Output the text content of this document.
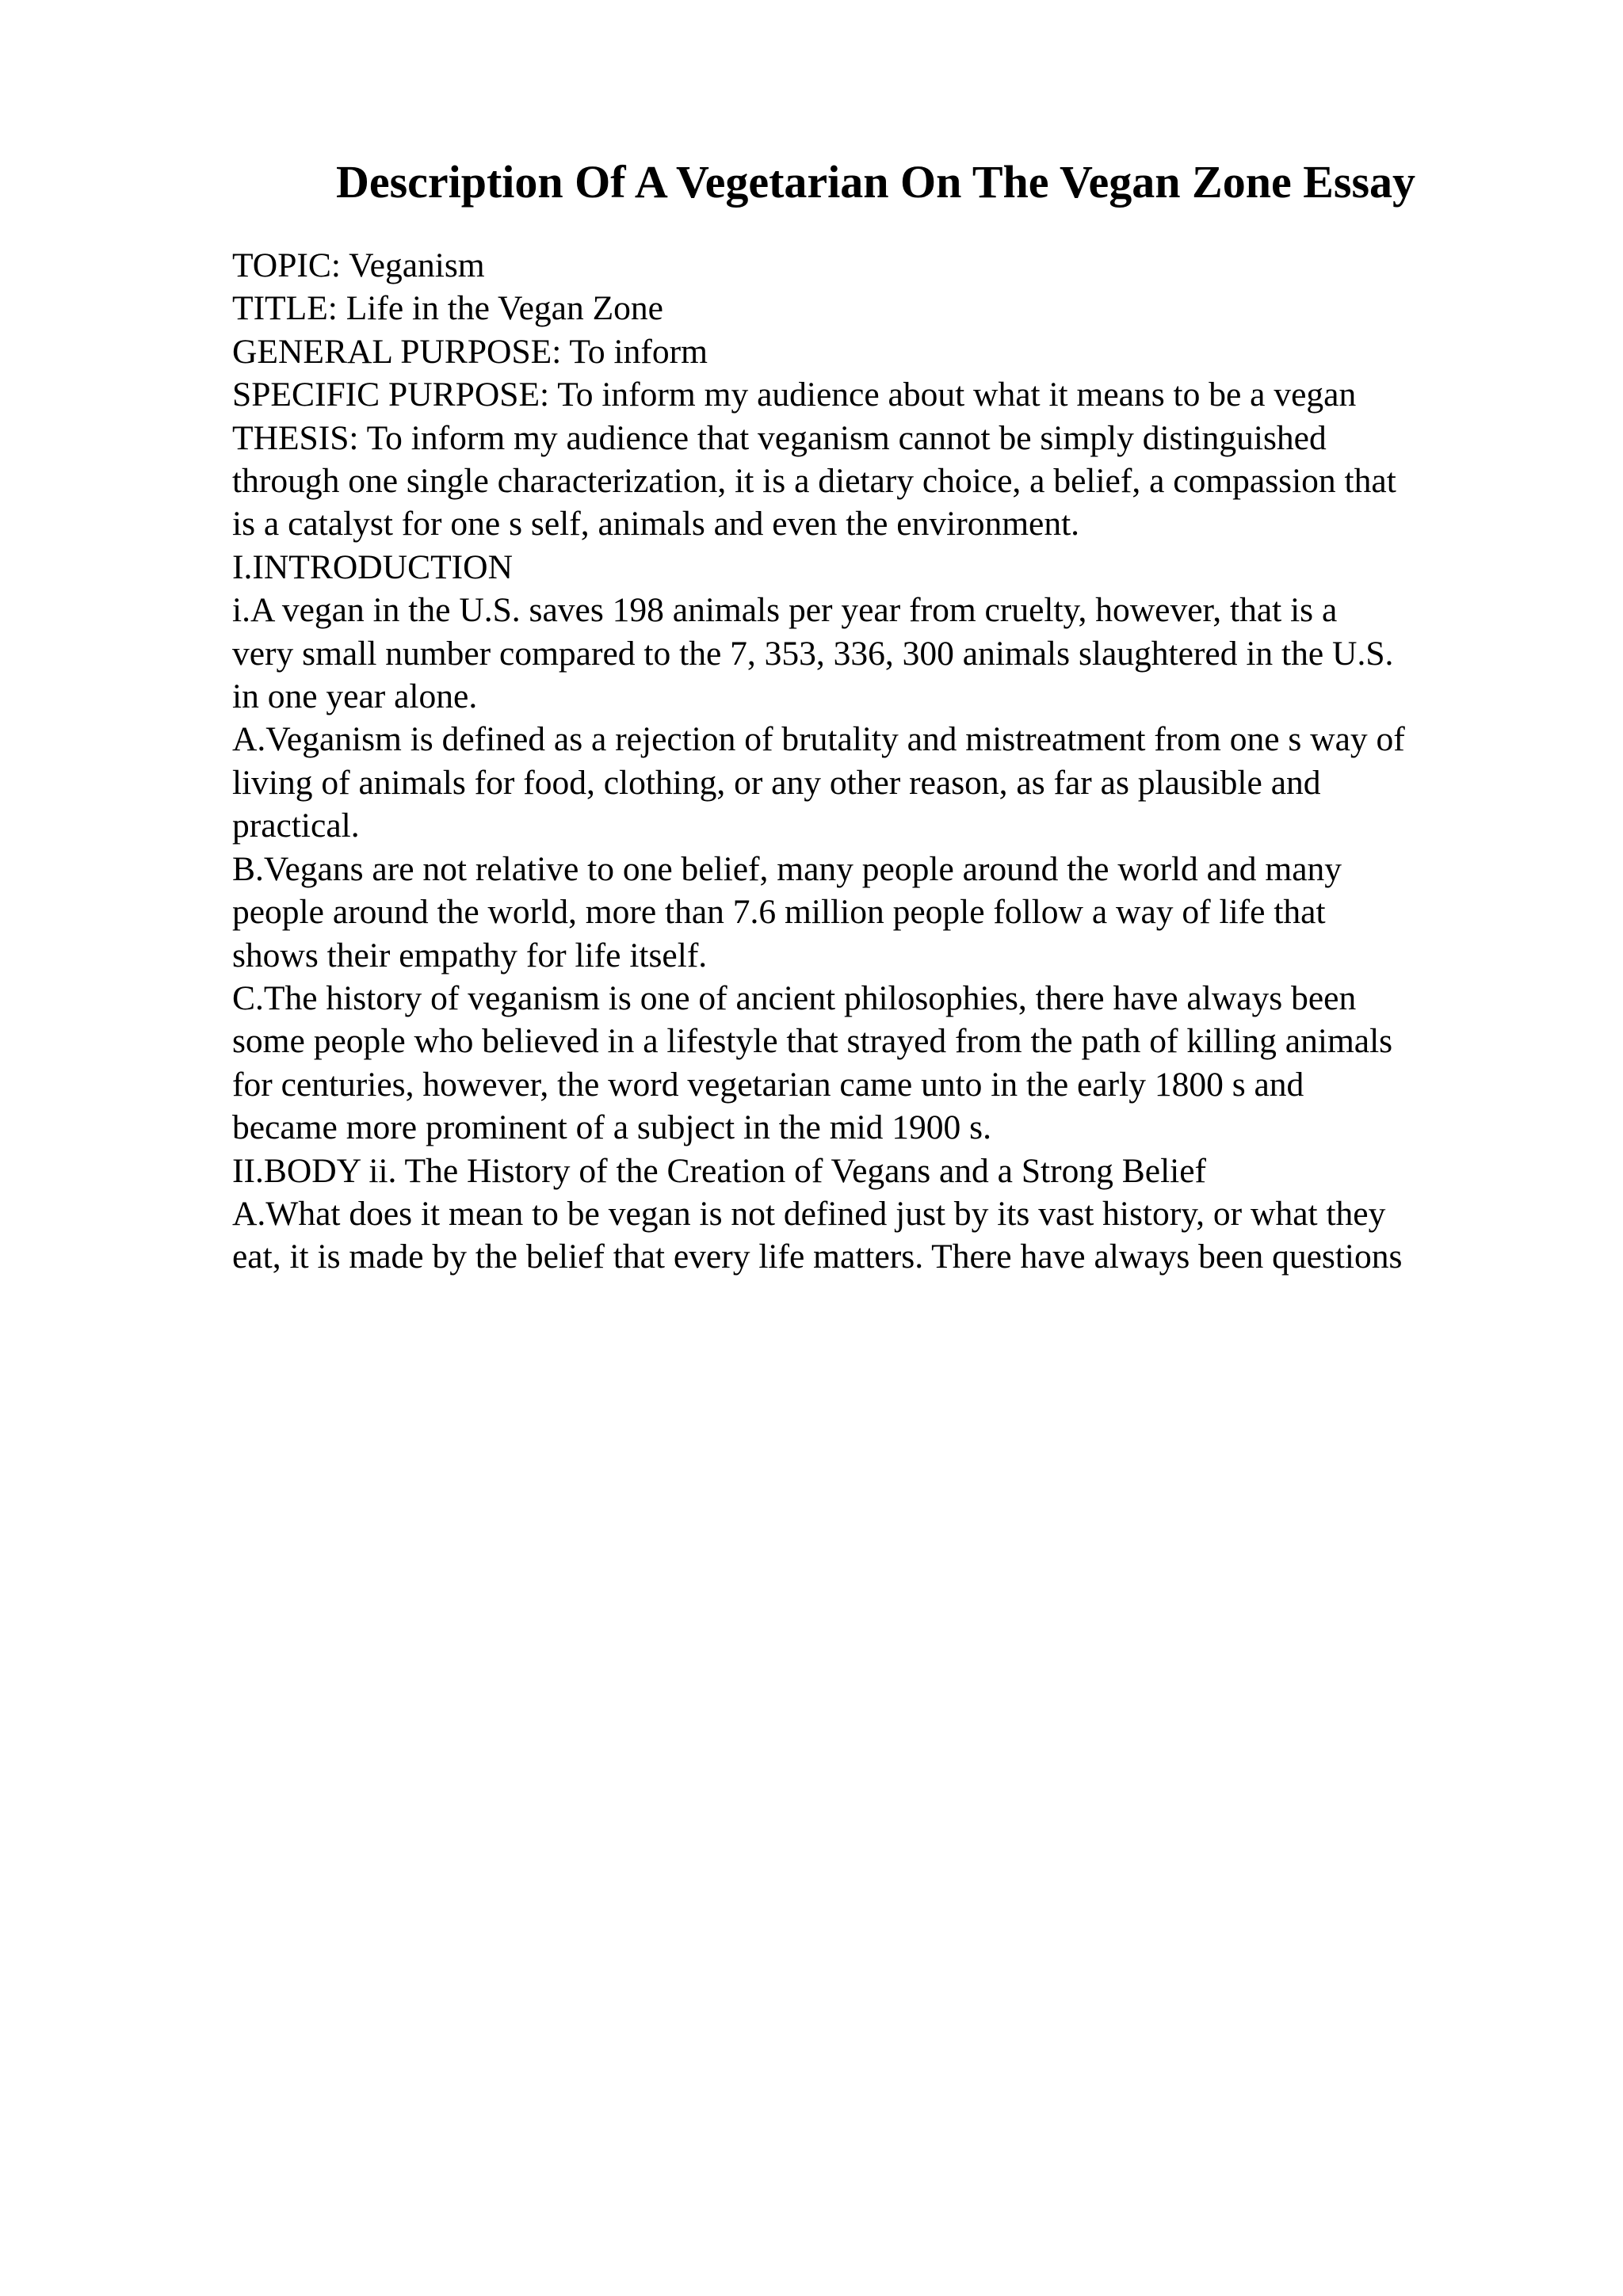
Description Of A Vegetarian On The Vegan Zone Essay
TOPIC: Veganism
TITLE: Life in the Vegan Zone
GENERAL PURPOSE: To inform
SPECIFIC PURPOSE: To inform my audience about what it means to be a vegan
THESIS: To inform my audience that veganism cannot be simply distinguished
through one single characterization, it is a dietary choice, a belief, a compassion that
is a catalyst for one s self, animals and even the environment.
I.INTRODUCTION
i.A vegan in the U.S. saves 198 animals per year from cruelty, however, that is a
very small number compared to the 7, 353, 336, 300 animals slaughtered in the U.S.
in one year alone.
A.Veganism is defined as a rejection of brutality and mistreatment from one s way of
living of animals for food, clothing, or any other reason, as far as plausible and
practical.
B.Vegans are not relative to one belief, many people around the world and many
people around the world, more than 7.6 million people follow a way of life that
shows their empathy for life itself.
C.The history of veganism is one of ancient philosophies, there have always been
some people who believed in a lifestyle that strayed from the path of killing animals
for centuries, however, the word vegetarian came unto in the early 1800 s and
became more prominent of a subject in the mid 1900 s.
II.BODY ii. The History of the Creation of Vegans and a Strong Belief
A.What does it mean to be vegan is not defined just by its vast history, or what they
eat, it is made by the belief that every life matters. There have always been questions
